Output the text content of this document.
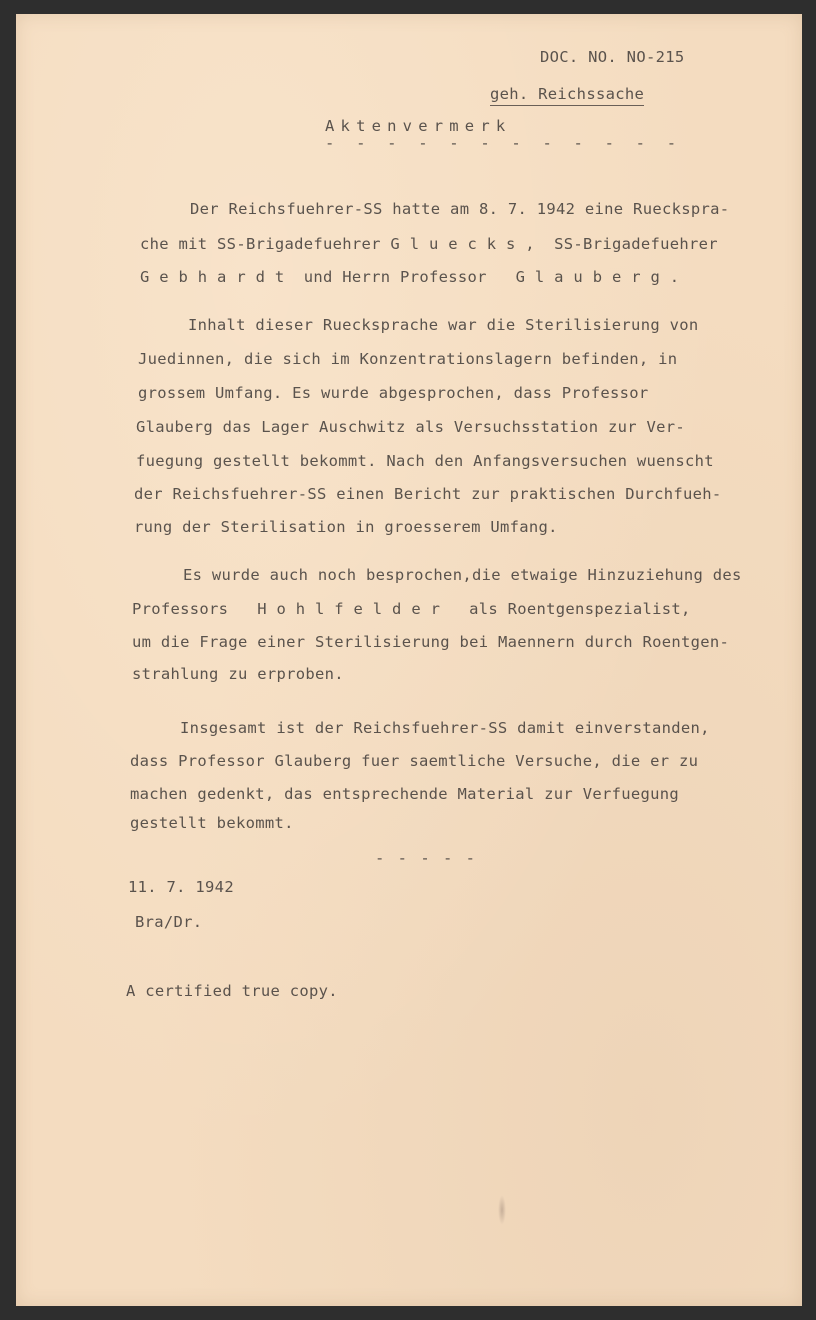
DOC. NO. NO-215
geh. Reichssache
Aktenvermerk
- - - - - - - - - - - -
Der Reichsfuehrer-SS hatte am 8. 7. 1942 eine Ruecksprа-
che mit SS-Brigadefuehrer G l u e c k s ,  SS-Brigadefuehrer
G e b h a r d t  und Herrn Professor   G l a u b e r g .
Inhalt dieser Ruecksprache war die Sterilisierung von
Juedinnen, die sich im Konzentrationslagern befinden, in
grossem Umfang. Es wurde abgesprochen, dass Professor
Glauberg das Lager Auschwitz als Versuchsstation zur Ver-
fuegung gestellt bekommt. Nach den Anfangsversuchen wuenscht
der Reichsfuehrer-SS einen Bericht zur praktischen Durchfueh-
rung der Sterilisation in groesserem Umfang.
Es wurde auch noch besprochen,die etwaige Hinzuziehung des
Professors   H o h l f e l d e r   als Roentgenspezialist,
um die Frage einer Sterilisierung bei Maennern durch Roentgen-
strahlung zu erproben.
Insgesamt ist der Reichsfuehrer-SS damit einverstanden,
dass Professor Glauberg fuer saemtliche Versuche, die er zu
machen gedenkt, das entsprechende Material zur Verfuegung
gestellt bekommt.
- - - - -
11. 7. 1942
Bra/Dr.
A certified true copy.
